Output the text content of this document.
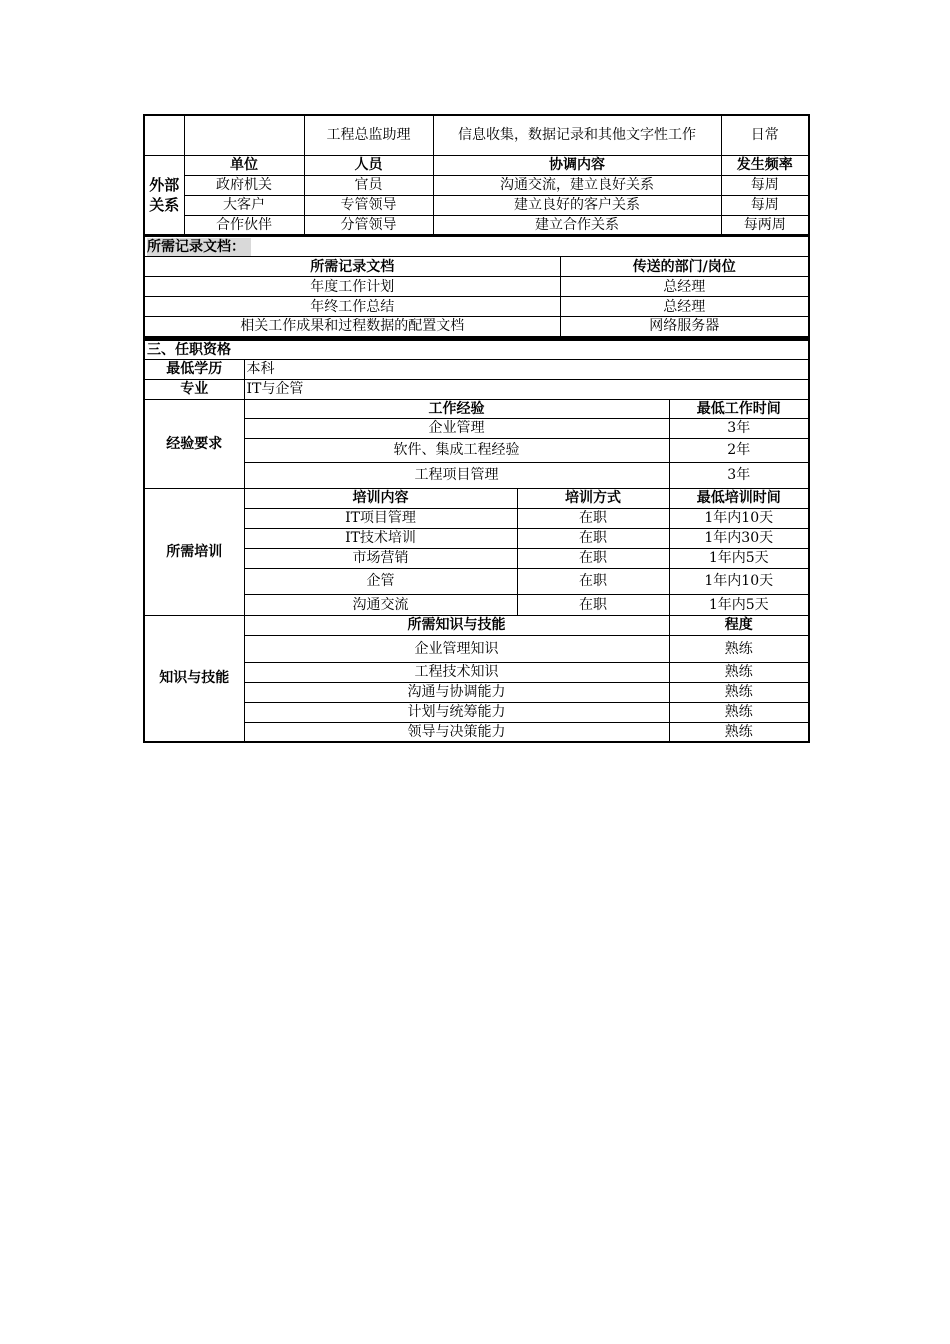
		工程总监助理	信息收集，数据记录和其他文字性工作	日常
外部关系	单位	人员	协调内容	发生频率
	政府机关	官员	沟通交流，建立良好关系	每周
	大客户	专管领导	建立良好的客户关系	每周
	合作伙伴	分管领导	建立合作关系	每两周
所需记录文档：	
所需记录文档	传送的部门/岗位
年度工作计划	总经理
年终工作总结	总经理
相关工作成果和过程数据的配置文档	网络服务器
三、任职资格			
最低学历	本科		
专业	IT与企管		
经验要求	工作经验		最低工作时间
	企业管理		3年
	软件、集成工程经验		2年
	工程项目管理		3年
所需培训	培训内容	培训方式	最低培训时间
	IT项目管理	在职	1年内10天
	IT技术培训	在职	1年内30天
	市场营销	在职	1年内5天
	企管	在职	1年内10天
	沟通交流	在职	1年内5天
知识与技能	所需知识与技能		程度
	企业管理知识		熟练
	工程技术知识		熟练
	沟通与协调能力		熟练
	计划与统筹能力		熟练
	领导与决策能力		熟练
